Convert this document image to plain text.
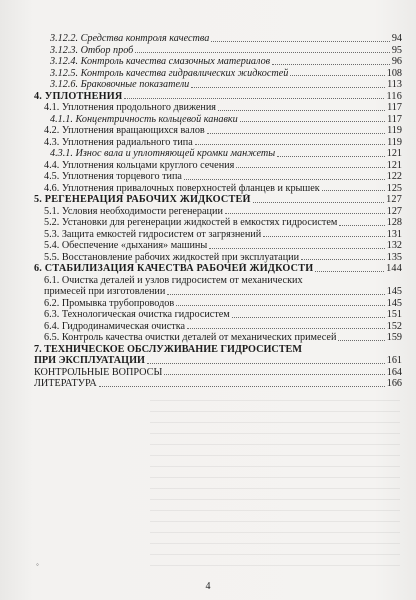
3.12.2. Средства контроля качества	94
3.12.3. Отбор проб	95
3.12.4. Контроль качества смазочных материалов	96
3.12.5. Контроль качества гидравлических жидкостей	108
3.12.6. Браковочные показатели	113
4. УПЛОТНЕНИЯ	116
4.1. Уплотнения продольного движения	117
4.1.1. Концентричность кольцевой канавки	117
4.2. Уплотнения вращающихся валов	119
4.3. Уплотнения радиального типа	119
4.3.1. Износ вала и уплотняющей кромки манжеты	121
4.4. Уплотнения кольцами круглого сечения	121
4.5. Уплотнения торцевого типа	122
4.6. Уплотнения привалочных поверхностей фланцев и крышек	125
5. РЕГЕНЕРАЦИЯ РАБОЧИХ ЖИДКОСТЕЙ	127
5.1. Условия необходимости регенерации	127
5.2. Установки для регенерации жидкостей в емкостях гидросистем	128
5.3. Защита емкостей гидросистем от загрязнений	131
5.4. Обеспечение «дыхания» машины	132
5.5. Восстановление рабочих жидкостей при эксплуатации	135
6. СТАБИЛИЗАЦИЯ КАЧЕСТВА РАБОЧЕЙ ЖИДКОСТИ	144
6.1. Очистка деталей и узлов гидросистем от механических
примесей при изготовлении	145
6.2. Промывка трубопроводов	145
6.3. Технологическая очистка гидросистем	151
6.4. Гидродинамическая очистка	152
6.5. Контроль качества очистки деталей от механических примесей	159
7. ТЕХНИЧЕСКОЕ ОБСЛУЖИВАНИЕ ГИДРОСИСТЕМ
ПРИ ЭКСПЛУАТАЦИИ	161
КОНТРОЛЬНЫЕ ВОПРОСЫ	164
ЛИТЕРАТУРА	166
◦
4
